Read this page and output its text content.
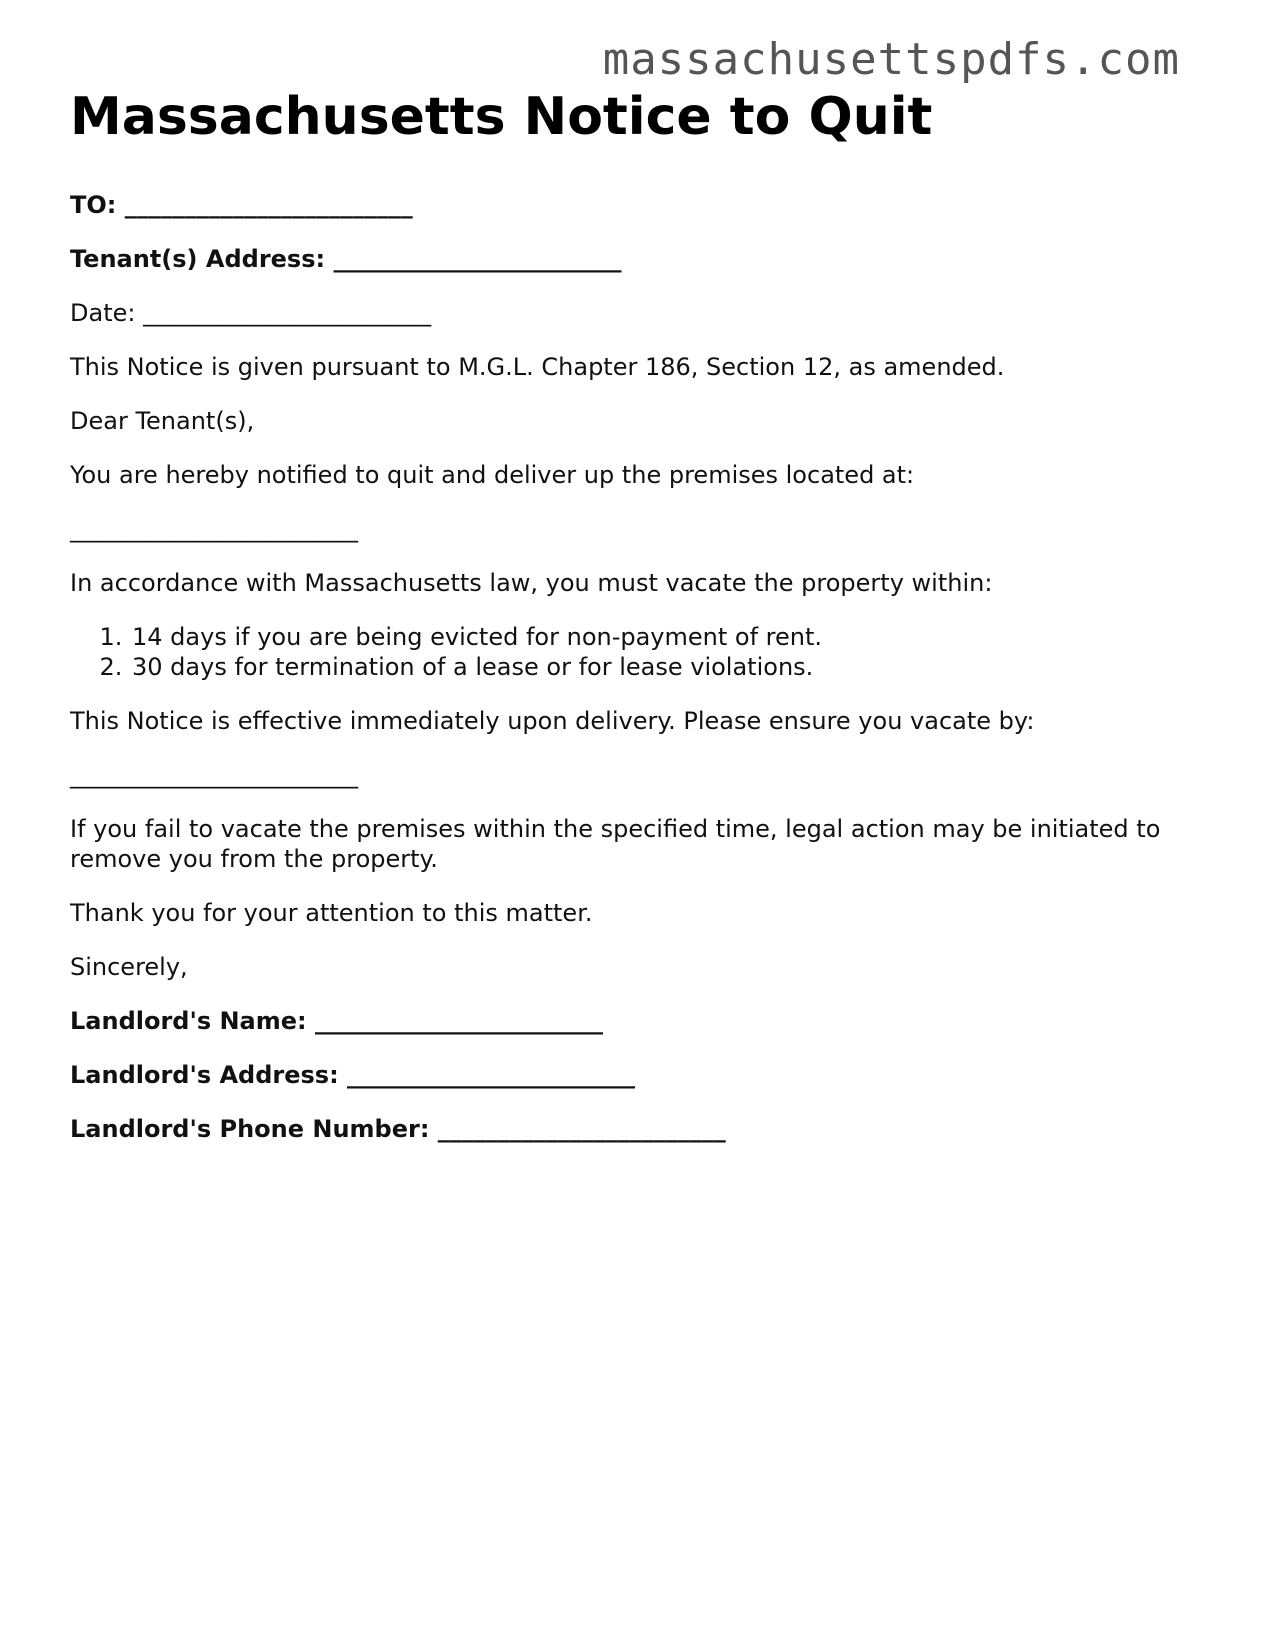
massachusettspdfs.com
Massachusetts Notice to Quit

TO: ________________________

Tenant(s) Address: ________________________

Date: ________________________

This Notice is given pursuant to M.G.L. Chapter 186, Section 12, as amended.

Dear Tenant(s),

You are hereby notified to quit and deliver up the premises located at:

________________________

In accordance with Massachusetts law, you must vacate the property within:

1. 14 days if you are being evicted for non-payment of rent.
2. 30 days for termination of a lease or for lease violations.

This Notice is effective immediately upon delivery. Please ensure you vacate by:

________________________

If you fail to vacate the premises within the specified time, legal action may be initiated to remove you from the property.

Thank you for your attention to this matter.

Sincerely,

Landlord's Name: ________________________

Landlord's Address: ________________________

Landlord's Phone Number: ________________________
